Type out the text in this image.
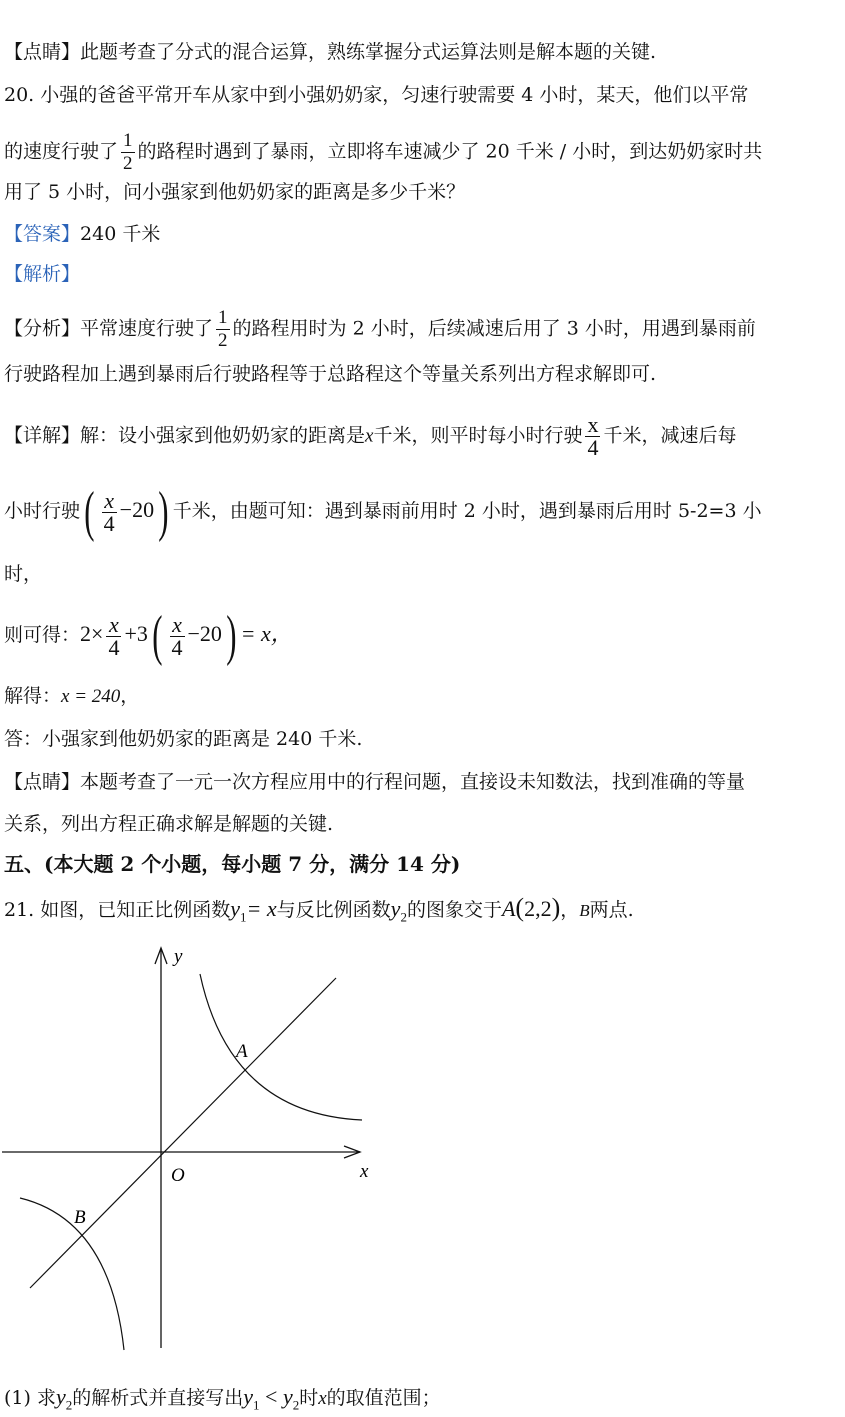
【点睛】此题考查了分式的混合运算，熟练掌握分式运算法则是解本题的关键.
20. 小强的爸爸平常开车从家中到小强奶奶家，匀速行驶需要 4 小时，某天，他们以平常
的速度行驶了 $\frac{1}{2}$ 的路程时遇到了暴雨，立即将车速减少了 20 千米 / 小时，到达奶奶家时共
用了 5 小时，问小强家到他奶奶家的距离是多少千米？
【答案】240 千米
【解析】
【分析】平常速度行驶了 $\frac{1}{2}$ 的路程用时为 2 小时，后续减速后用了 3 小时，用遇到暴雨前
行驶路程加上遇到暴雨后行驶路程等于总路程这个等量关系列出方程求解即可.
【详解】解：设小强家到他奶奶家的距离是x千米，则平时每小时行驶 $\frac{x}{4}$ 千米，减速后每
小时行驶( $\frac{x}{4} -20$) 千米，由题可知：遇到暴雨前用时 2 小时，遇到暴雨后用时 5-2=3 小
时，
则可得：$2\times \frac{x}{4} +3( \frac{x}{4} -20) = x$，
解得：x = 240，
答：小强家到他奶奶家的距离是 240 千米.
【点睛】本题考查了一元一次方程应用中的行程问题，直接设未知数法，找到准确的等量
关系，列出方程正确求解是解题的关键.
五、(本大题 2 个小题，每小题 7 分，满分 14 分)
21. 如图，已知正比例函数$y_1= x$与反比例函数$y_2$的图象交于A(2,2)，B两点.
y
x
O
A
B
(1) 求$y_2$的解析式并直接写出$y_1 < y_2$时x的取值范围；
